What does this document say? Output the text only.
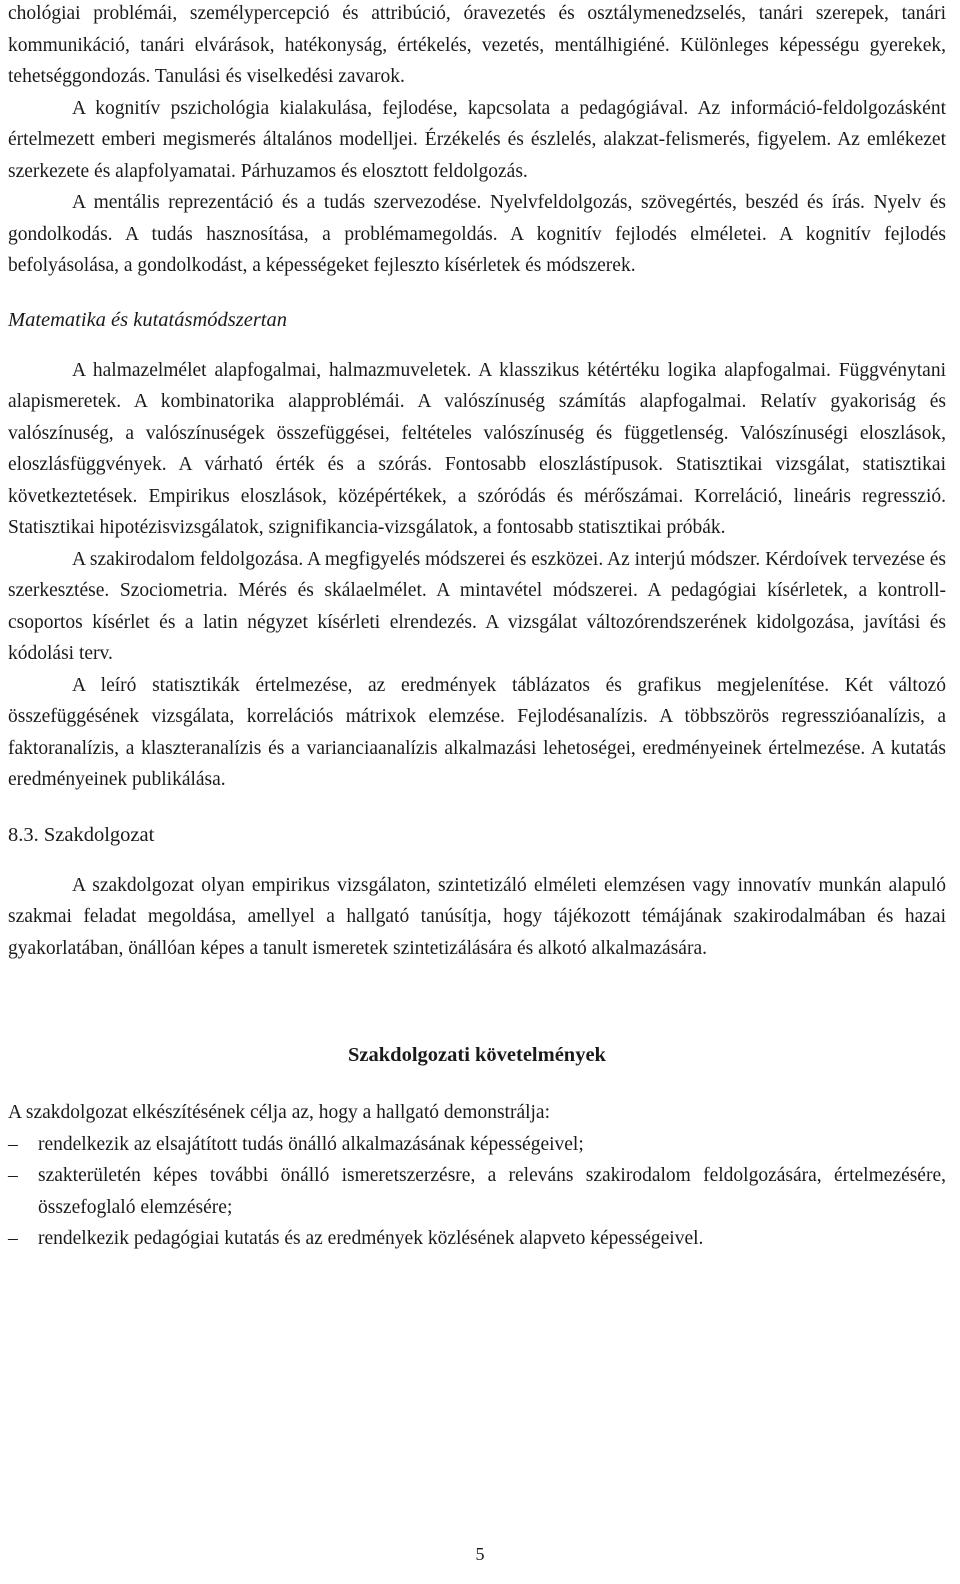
chológiai problémái, személypercepció és attribúció, óravezetés és osztálymenedzselés, tanári szerepek, tanári kommunikáció, tanári elvárások, hatékonyság, értékelés, vezetés, mentálhigiéné. Különleges képességu gyerekek, tehetséggondozás. Tanulási és viselkedési zavarok.

A kognitív pszichológia kialakulása, fejlodése, kapcsolata a pedagógiával. Az információ-feldolgozásként értelmezett emberi megismerés általános modelljei. Érzékelés és észlelés, alakzat-felismerés, figyelem. Az emlékezet szerkezete és alapfolyamatai. Párhuzamos és elosztott feldolgozás.

A mentális reprezentáció és a tudás szervezodése. Nyelvfeldolgozás, szövegértés, beszéd és írás. Nyelv és gondolkodás. A tudás hasznosítása, a problémamegoldás. A kognitív fejlodés elméletei. A kognitív fejlodés befolyásolása, a gondolkodást, a képességeket fejleszto kísérletek és módszerek.

Matematika és kutatásmódszertan

A halmazelmélet alapfogalmai, halmazmuveletek. A klasszikus kétértéku logika alapfogalmai. Függvénytani alapismeretek. A kombinatorika alapproblémái. A valószínuség számítás alapfogalmai. Relatív gyakoriság és valószínuség, a valószínuségek összefüggései, feltételes valószínuség és függetlenség. Valószínuségi eloszlások, eloszlásfüggvények. A várható érték és a szórás. Fontosabb eloszlástípusok. Statisztikai vizsgálat, statisztikai következtetések. Empirikus eloszlások, középértékek, a szóródás és mérőszámai. Korreláció, lineáris regresszió. Statisztikai hipotézisvizsgálatok, szignifikancia-vizsgálatok, a fontosabb statisztikai próbák.

A szakirodalom feldolgozása. A megfigyelés módszerei és eszközei. Az interjú módszer. Kérdoívek tervezése és szerkesztése. Szociometria. Mérés és skálaelmélet. A mintavétel módszerei. A pedagógiai kísérletek, a kontroll-csoportos kísérlet és a latin négyzet kísérleti elrendezés. A vizsgálat változórendszerének kidolgozása, javítási és kódolási terv.

A leíró statisztikák értelmezése, az eredmények táblázatos és grafikus megjelenítése. Két változó összefüggésének vizsgálata, korrelációs mátrixok elemzése. Fejlodésanalízis. A többszörös regresszióanalízis, a faktoranalízis, a klaszteranalízis és a varianciaanalízis alkalmazási lehetoségei, eredményeinek értelmezése. A kutatás eredményeinek publikálása.

8.3. Szakdolgozat

A szakdolgozat olyan empirikus vizsgálaton, szintetizáló elméleti elemzésen vagy innovatív munkán alapuló szakmai feladat megoldása, amellyel a hallgató tanúsítja, hogy tájékozott témájának szakirodalmában és hazai gyakorlatában, önállóan képes a tanult ismeretek szintetizálására és alkotó alkalmazására.

Szakdolgozati követelmények

A szakdolgozat elkészítésének célja az, hogy a hallgató demonstrálja:

–	rendelkezik az elsajátított tudás önálló alkalmazásának képességeivel;
–	szakterületén képes további önálló ismeretszerzésre, a releváns szakirodalom feldolgozására, értelmezésére, összefoglaló elemzésére;
–	rendelkezik pedagógiai kutatás és az eredmények közlésének alapveto képességeivel.
5
